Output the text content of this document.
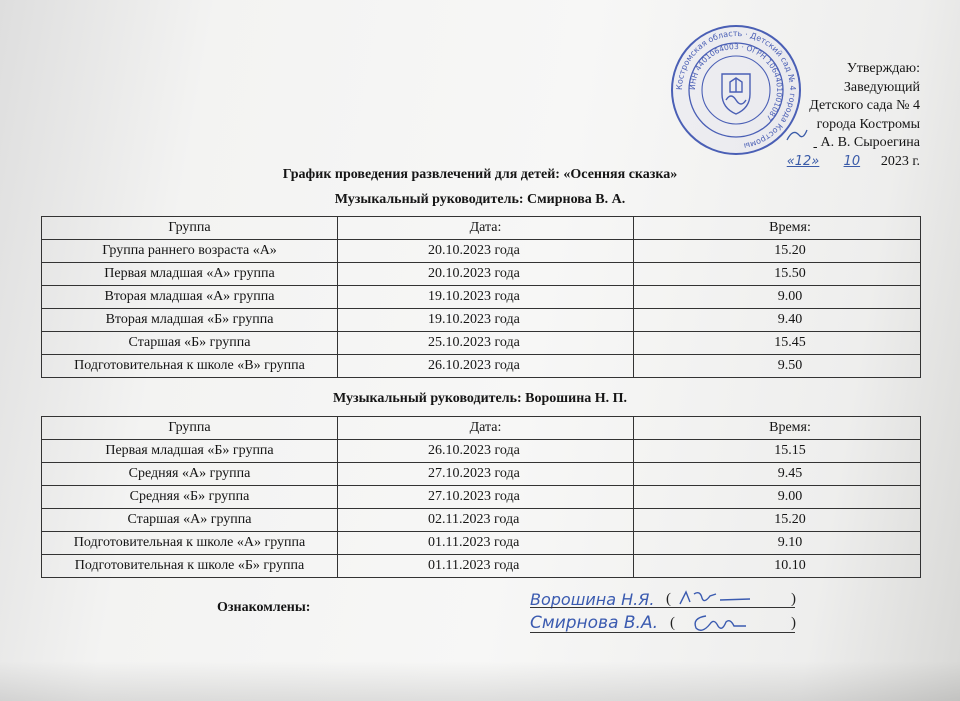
Костромская область · Детский сад № 4 города Костромы
ИНН 4401064003 · ОГРН 1064401001087
Утверждаю:
Заведующий
Детского сада № 4
города Костромы
А. В. Сыроегина
«12» 10 2023 г.
График проведения развлечений для детей: «Осенняя сказка»
Музыкальный руководитель: Смирнова В. А.
Группа	Дата:	Время:
Группа раннего возраста «А»	20.10.2023 года	15.20
Первая младшая «А» группа	20.10.2023 года	15.50
Вторая младшая «А» группа	19.10.2023 года	9.00
Вторая младшая «Б» группа	19.10.2023 года	9.40
Старшая «Б» группа	25.10.2023 года	15.45
Подготовительная к школе «В» группа	26.10.2023 года	9.50
Музыкальный руководитель: Ворошина Н. П.
Группа	Дата:	Время:
Первая младшая «Б» группа	26.10.2023 года	15.15
Средняя «А» группа	27.10.2023 года	9.45
Средняя «Б» группа	27.10.2023 года	9.00
Старшая «А» группа	02.11.2023 года	15.20
Подготовительная к школе «А» группа	01.11.2023 года	9.10
Подготовительная к школе «Б» группа	01.11.2023 года	10.10
Ознакомлены:	Ворошина Н.Я. (	)
Смирнова В.А. (	)
